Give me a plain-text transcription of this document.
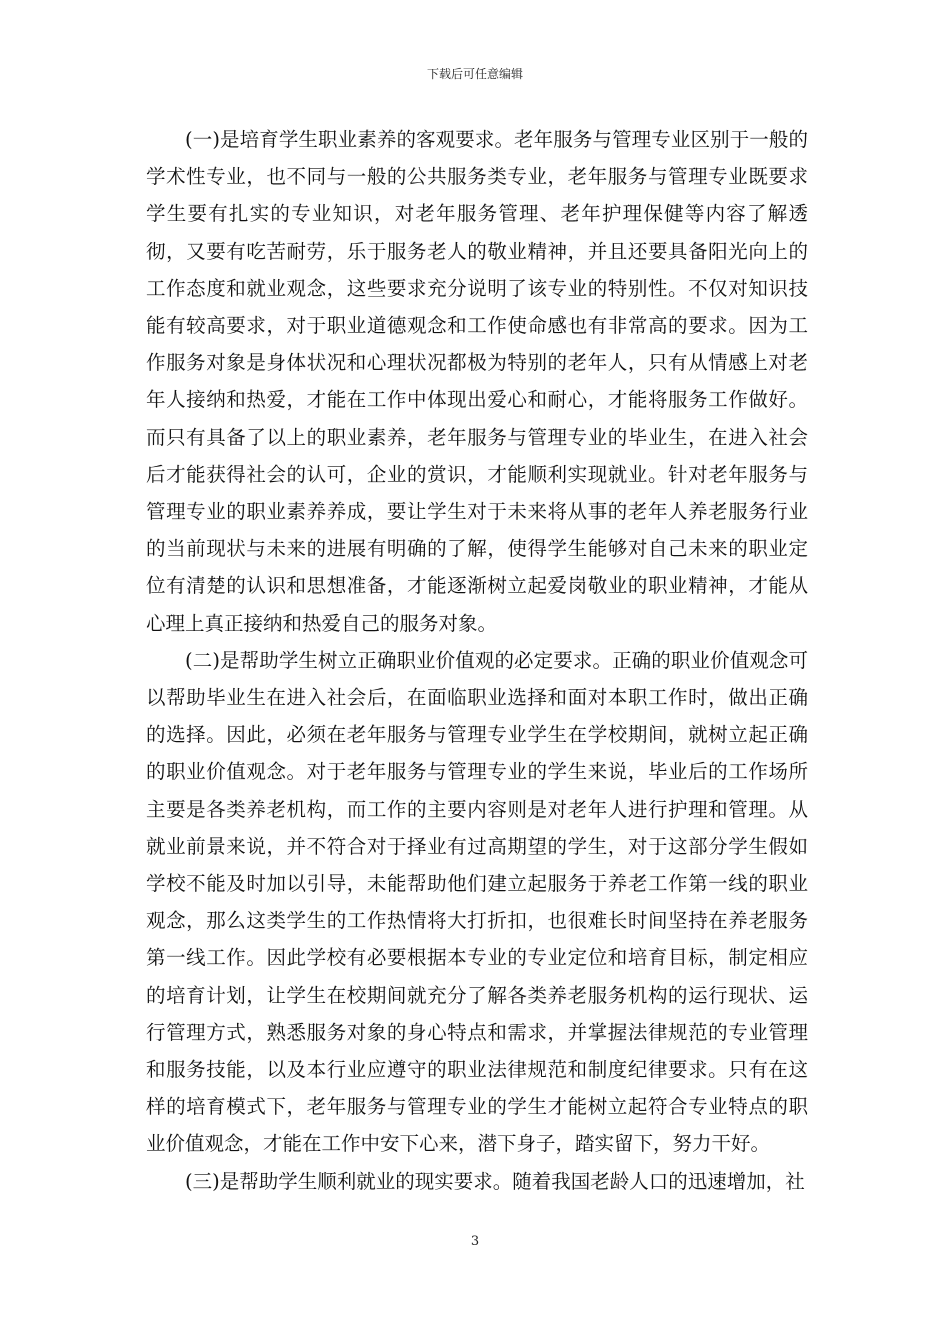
下载后可任意编辑

(一)是培育学生职业素养的客观要求。老年服务与管理专业区别于一般的学术性专业，也不同与一般的公共服务类专业，老年服务与管理专业既要求学生要有扎实的专业知识，对老年服务管理、老年护理保健等内容了解透彻，又要有吃苦耐劳，乐于服务老人的敬业精神，并且还要具备阳光向上的工作态度和就业观念，这些要求充分说明了该专业的特别性。不仅对知识技能有较高要求，对于职业道德观念和工作使命感也有非常高的要求。因为工作服务对象是身体状况和心理状况都极为特别的老年人，只有从情感上对老年人接纳和热爱，才能在工作中体现出爱心和耐心，才能将服务工作做好。而只有具备了以上的职业素养，老年服务与管理专业的毕业生，在进入社会后才能获得社会的认可，企业的赏识，才能顺利实现就业。针对老年服务与管理专业的职业素养养成，要让学生对于未来将从事的老年人养老服务行业的当前现状与未来的进展有明确的了解，使得学生能够对自己未来的职业定位有清楚的认识和思想准备，才能逐渐树立起爱岗敬业的职业精神，才能从心理上真正接纳和热爱自己的服务对象。

(二)是帮助学生树立正确职业价值观的必定要求。正确的职业价值观念可以帮助毕业生在进入社会后，在面临职业选择和面对本职工作时，做出正确的选择。因此，必须在老年服务与管理专业学生在学校期间，就树立起正确的职业价值观念。对于老年服务与管理专业的学生来说，毕业后的工作场所主要是各类养老机构，而工作的主要内容则是对老年人进行护理和管理。从就业前景来说，并不符合对于择业有过高期望的学生，对于这部分学生假如学校不能及时加以引导，未能帮助他们建立起服务于养老工作第一线的职业观念，那么这类学生的工作热情将大打折扣，也很难长时间坚持在养老服务第一线工作。因此学校有必要根据本专业的专业定位和培育目标，制定相应的培育计划，让学生在校期间就充分了解各类养老服务机构的运行现状、运行管理方式，熟悉服务对象的身心特点和需求，并掌握法律规范的专业管理和服务技能，以及本行业应遵守的职业法律规范和制度纪律要求。只有在这样的培育模式下，老年服务与管理专业的学生才能树立起符合专业特点的职业价值观念，才能在工作中安下心来，潜下身子，踏实留下，努力干好。

(三)是帮助学生顺利就业的现实要求。随着我国老龄人口的迅速增加，社

3
